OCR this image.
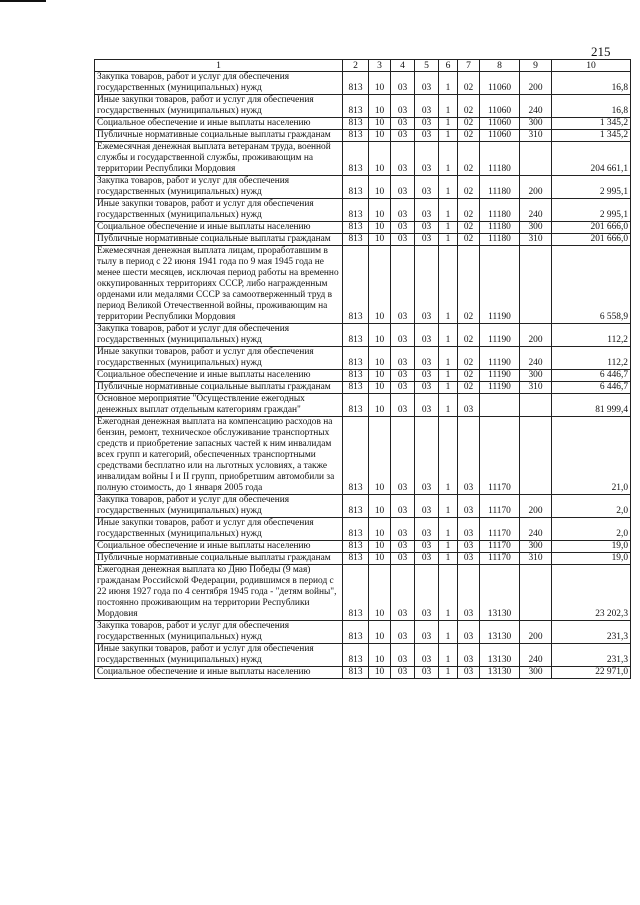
215
1	2	3	4	5	6	7	8	9	10
Закупка товаров, работ и услуг для обеспечения государственных (муниципальных) нужд	813	10	03	03	1	02	11060	200	16,8
Иные закупки товаров, работ и услуг для обеспечения государственных (муниципальных) нужд	813	10	03	03	1	02	11060	240	16,8
Социальное обеспечение и иные выплаты населению	813	10	03	03	1	02	11060	300	1 345,2
Публичные нормативные социальные выплаты гражданам	813	10	03	03	1	02	11060	310	1 345,2
Ежемесячная денежная выплата ветеранам труда, военной службы и государственной службы, проживающим на территории Республики Мордовия	813	10	03	03	1	02	11180		204 661,1
Закупка товаров, работ и услуг для обеспечения государственных (муниципальных) нужд	813	10	03	03	1	02	11180	200	2 995,1
Иные закупки товаров, работ и услуг для обеспечения государственных (муниципальных) нужд	813	10	03	03	1	02	11180	240	2 995,1
Социальное обеспечение и иные выплаты населению	813	10	03	03	1	02	11180	300	201 666,0
Публичные нормативные социальные выплаты гражданам	813	10	03	03	1	02	11180	310	201 666,0
Ежемесячная денежная выплата лицам, проработавшим в тылу в период с 22 июня 1941 года по 9 мая 1945 года не менее шести месяцев, исключая период работы на временно оккупированных территориях СССР, либо награжденным орденами или медалями СССР за самоотверженный труд в период Великой Отечественной войны, проживающим на территории Республики Мордовия	813	10	03	03	1	02	11190		6 558,9
Закупка товаров, работ и услуг для обеспечения государственных (муниципальных) нужд	813	10	03	03	1	02	11190	200	112,2
Иные закупки товаров, работ и услуг для обеспечения государственных (муниципальных) нужд	813	10	03	03	1	02	11190	240	112,2
Социальное обеспечение и иные выплаты населению	813	10	03	03	1	02	11190	300	6 446,7
Публичные нормативные социальные выплаты гражданам	813	10	03	03	1	02	11190	310	6 446,7
Основное мероприятие "Осуществление ежегодных денежных выплат отдельным категориям граждан"	813	10	03	03	1	03			81 999,4
Ежегодная денежная выплата на компенсацию расходов на бензин, ремонт, техническое обслуживание транспортных средств и приобретение запасных частей к ним инвалидам всех групп и категорий, обеспеченных транспортными средствами бесплатно или на льготных условиях, а также инвалидам войны I и II групп, приобретшим автомобили за полную стоимость, до 1 января 2005 года	813	10	03	03	1	03	11170		21,0
Закупка товаров, работ и услуг для обеспечения государственных (муниципальных) нужд	813	10	03	03	1	03	11170	200	2,0
Иные закупки товаров, работ и услуг для обеспечения государственных (муниципальных) нужд	813	10	03	03	1	03	11170	240	2,0
Социальное обеспечение и иные выплаты населению	813	10	03	03	1	03	11170	300	19,0
Публичные нормативные социальные выплаты гражданам	813	10	03	03	1	03	11170	310	19,0
Ежегодная денежная выплата ко Дню Победы (9 мая) гражданам Российской Федерации, родившимся в период с 22 июня 1927 года по 4 сентября 1945 года - "детям войны", постоянно проживающим на территории Республики Мордовия	813	10	03	03	1	03	13130		23 202,3
Закупка товаров, работ и услуг для обеспечения государственных (муниципальных) нужд	813	10	03	03	1	03	13130	200	231,3
Иные закупки товаров, работ и услуг для обеспечения государственных (муниципальных) нужд	813	10	03	03	1	03	13130	240	231,3
Социальное обеспечение и иные выплаты населению	813	10	03	03	1	03	13130	300	22 971,0
